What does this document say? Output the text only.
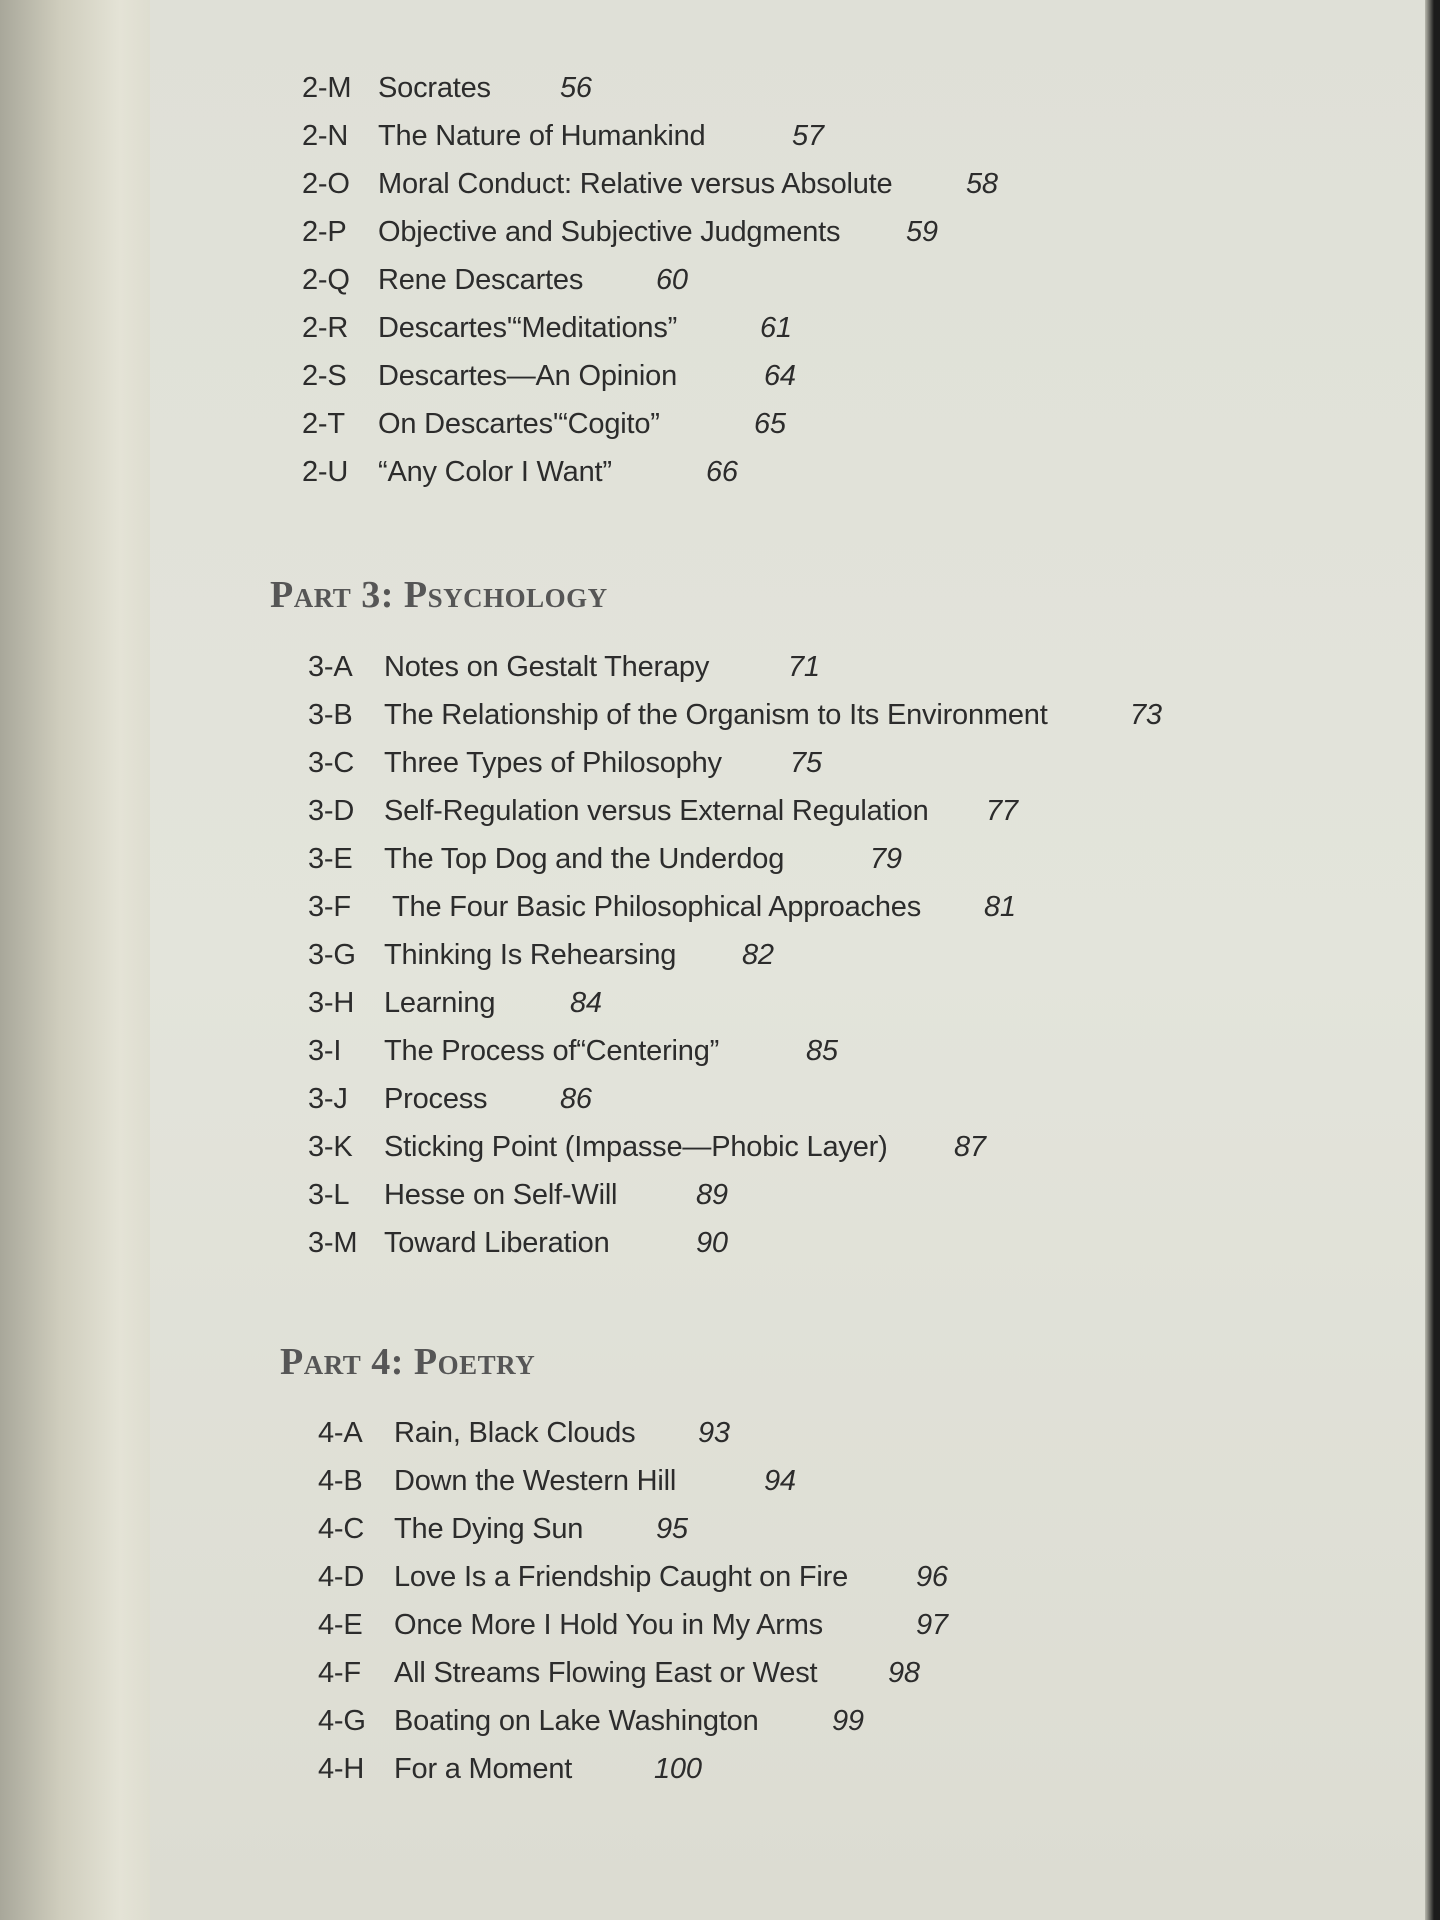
2-M Socrates 56
2-N The Nature of Humankind	57
2-O Moral Conduct: Relative versus Absolute	58
2-P Objective and Subjective Judgments 59
2-Q Rene Descartes	60
2-R Descartes'“Meditations”	61
2-S Descartes—An Opinion	64
2-T On Descartes'“Cogito”	65
2-U “Any Color I Want”	66
Part 3: Psychology
3-A Notes on Gestalt Therapy	71
3-B The Relationship of the Organism to Its Environment	73
3-C Three Types of Philosophy 75
3-D Self-Regulation versus External Regulation 77
3-E The Top Dog and the Underdog	79
3-F The Four Basic Philosophical Approaches 81
3-G Thinking Is Rehearsing 82
3-H Learning	84
3-I The Process of“Centering”	85
3-J Process	86
3-K Sticking Point (Impasse—Phobic Layer) 87
3-L Hesse on Self-Will	89
3-M Toward Liberation	90
Part 4: Poetry
4-A Rain, Black Clouds 93
4-B Down the Western Hill	94
4-C The Dying Sun	95
4-D Love Is a Friendship Caught on Fire 96
4-E Once More I Hold You in My Arms	97
4-F All Streams Flowing East or West 98
4-G Boating on Lake Washington	99
4-H For a Moment	100
